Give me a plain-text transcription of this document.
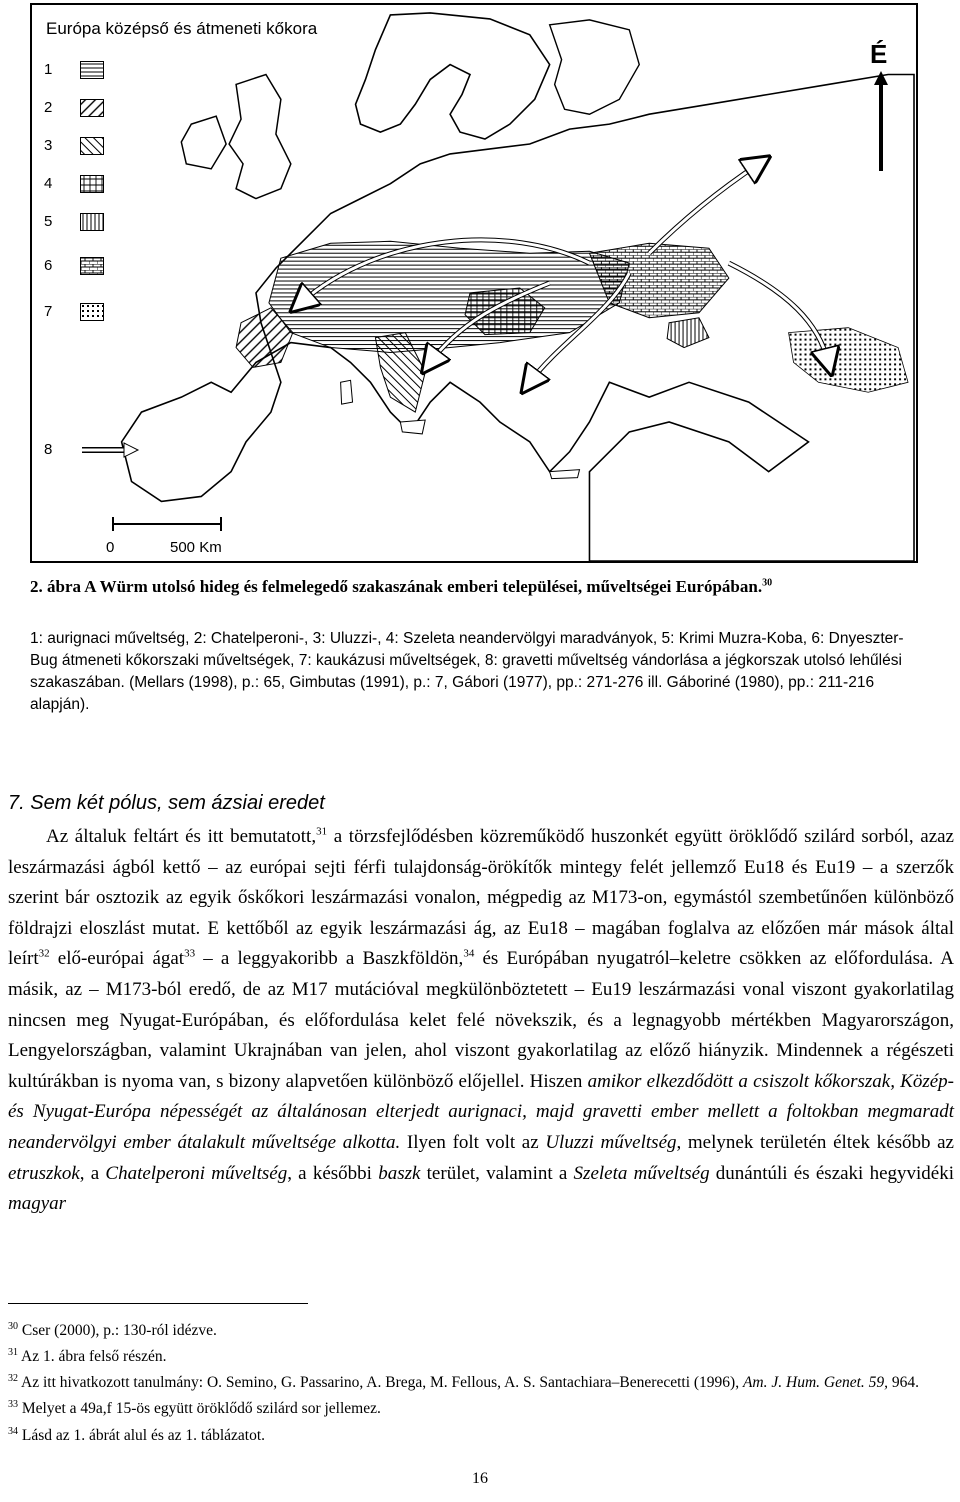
Európa középső és átmeneti kőkora
1
2
3
4
5
6
7
8
É
0	500 Km
2. ábra A Würm utolsó hideg és felmelegedő szakaszának emberi települései, műveltségei Európában.$^{30}$
1: aurignaci műveltség, 2: Chatelperoni-, 3: Uluzzi-, 4: Szeleta neandervölgyi maradványok, 5: Krimi Muzra-Koba, 6: Dnyeszter-Bug átmeneti kőkorszaki műveltségek, 7: kaukázusi műveltségek, 8: gravetti műveltség vándorlása a jégkorszak utolsó lehűlési szakaszában. (Mellars (1998), p.: 65, Gimbutas (1991), p.: 7, Gábori (1977), pp.: 271-276 ill. Gáboriné (1980), pp.: 211-216 alapján).
7. Sem két pólus, sem ázsiai eredet
Az általuk feltárt és itt bemutatott,$^{31}$ a törzsfejlődésben közreműködő huszonkét együtt öröklődő szilárd sorból, azaz leszármazási ágból kettő – az európai sejti férfi tulajdonság-örökítők mintegy felét jellemző Eu18 és Eu19 – a szerzők szerint bár osztozik az egyik őskőkori leszármazási vonalon, mégpedig az M173-on, egymástól szembetűnően különböző földrajzi eloszlást mutat. E kettőből az egyik leszármazási ág, az Eu18 – magában foglalva az előzően már mások által leírt$^{32}$ elő-európai ágat$^{33}$ – a leggyakoribb a Baszkföldön,$^{34}$ és Európában nyugatról–keletre csökken az előfordulása. A másik, az – M173-ból eredő, de az M17 mutációval megkülönböztetett – Eu19 leszármazási vonal viszont gyakorlatilag nincsen meg Nyugat-Európában, és előfordulása kelet felé növekszik, és a legnagyobb mértékben Magyarországon, Lengyelországban, valamint Ukrajnában van jelen, ahol viszont gyakorlatilag az előző hiányzik. Mindennek a régészeti kultúrákban is nyoma van, s bizony alapvetően különböző előjellel. Hiszen amikor elkezdődött a csiszolt kőkorszak, Közép- és Nyugat-Európa népességét az általánosan elterjedt aurignaci, majd gravetti ember mellett a foltokban megmaradt neandervölgyi ember átalakult műveltsége alkotta. Ilyen folt volt az Uluzzi műveltség, melynek területén éltek később az etruszkok, a Chatelperoni műveltség, a későbbi baszk terület, valamint a Szeleta műveltség dunántúli és északi hegyvidéki magyar
$^{30}$ Cser (2000), p.: 130-ról idézve.
$^{31}$ Az 1. ábra felső részén.
$^{32}$ Az itt hivatkozott tanulmány: O. Semino, G. Passarino, A. Brega, M. Fellous, A. S. Santachiara–Benerecetti (1996), Am. J. Hum. Genet. 59, 964.
$^{33}$ Melyet a 49a,f 15-ös együtt öröklődő szilárd sor jellemez.
$^{34}$ Lásd az 1. ábrát alul és az 1. táblázatot.
16
